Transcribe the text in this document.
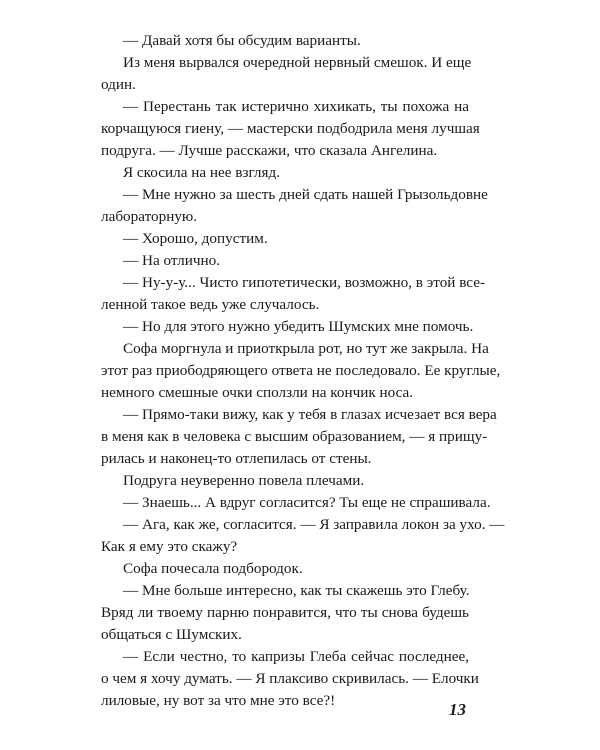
— Давай хотя бы обсудим варианты.
Из меня вырвался очередной нервный смешок. И еще
один.
— Перестань так истерично хихикать, ты похожа на
корчащуюся гиену, — мастерски подбодрила меня лучшая
подруга. — Лучше расскажи, что сказала Ангелина.
Я скосила на нее взгляд.
— Мне нужно за шесть дней сдать нашей Грызольдовне
лабораторную.
— Хорошо, допустим.
— На отлично.
— Ну-у-у... Чисто гипотетически, возможно, в этой все-
ленной такое ведь уже случалось.
— Но для этого нужно убедить Шумских мне помочь.
Софа моргнула и приоткрыла рот, но тут же закрыла. На
этот раз приободряющего ответа не последовало. Ее круглые,
немного смешные очки сползли на кончик носа.
— Прямо-таки вижу, как у тебя в глазах исчезает вся вера
в меня как в человека с высшим образованием, — я прищу-
рилась и наконец-то отлепилась от стены.
Подруга неуверенно повела плечами.
— Знаешь... А вдруг согласится? Ты еще не спрашивала.
— Ага, как же, согласится. — Я заправила локон за ухо. —
Как я ему это скажу?
Софа почесала подбородок.
— Мне больше интересно, как ты скажешь это Глебу.
Вряд ли твоему парню понравится, что ты снова будешь
общаться с Шумских.
— Если честно, то капризы Глеба сейчас последнее,
о чем я хочу думать. — Я плаксиво скривилась. — Елочки
лиловые, ну вот за что мне это все?!	13
